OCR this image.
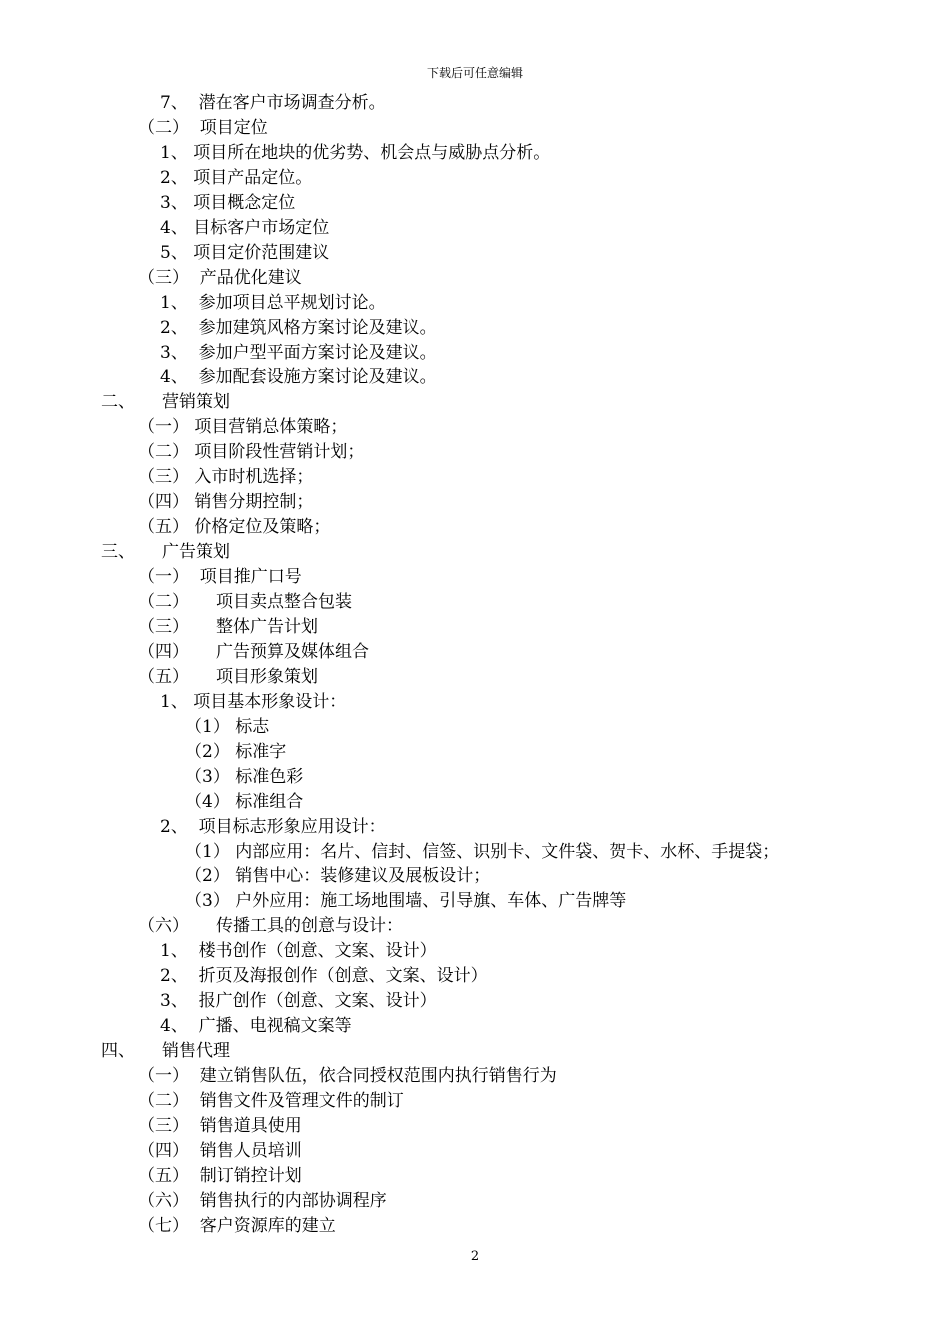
下载后可任意编辑
7、  潜在客户市场调查分析。
（二）  项目定位
1、 项目所在地块的优劣势、机会点与威胁点分析。
2、 项目产品定位。
3、 项目概念定位
4、 目标客户市场定位
5、 项目定价范围建议
（三）  产品优化建议
1、  参加项目总平规划讨论。
2、  参加建筑风格方案讨论及建议。
3、  参加户型平面方案讨论及建议。
4、  参加配套设施方案讨论及建议。
二、     营销策划
（一） 项目营销总体策略；
（二） 项目阶段性营销计划；
（三） 入市时机选择；
（四） 销售分期控制；
（五） 价格定位及策略；
三、     广告策划
（一）  项目推广口号
（二）     项目卖点整合包装
（三）     整体广告计划
（四）     广告预算及媒体组合
（五）     项目形象策划
1、 项目基本形象设计：
（1） 标志
（2） 标准字
（3） 标准色彩
（4） 标准组合
2、  项目标志形象应用设计：
（1） 内部应用：名片、信封、信签、识别卡、文件袋、贺卡、水杯、手提袋；
（2） 销售中心：装修建议及展板设计；
（3） 户外应用：施工场地围墙、引导旗、车体、广告牌等
（六）     传播工具的创意与设计：
1、  楼书创作（创意、文案、设计）
2、  折页及海报创作（创意、文案、设计）
3、  报广创作（创意、文案、设计）
4、  广播、电视稿文案等
四、     销售代理
（一）  建立销售队伍，依合同授权范围内执行销售行为
（二）  销售文件及管理文件的制订
（三）  销售道具使用
（四）  销售人员培训
（五）  制订销控计划
（六）  销售执行的内部协调程序
（七）  客户资源库的建立
2
